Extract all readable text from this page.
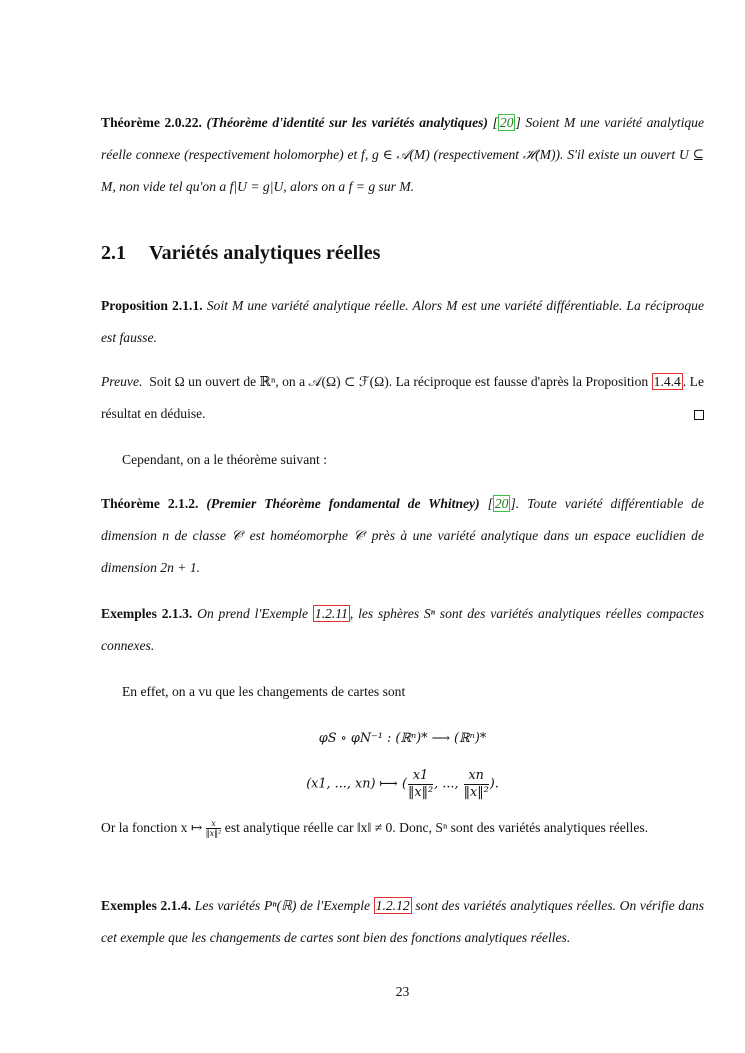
Théorème 2.0.22. (Théorème d'identité sur les variétés analytiques) [ 20 ] Soient M une variété analytique réelle connexe (respectivement holomorphe) et f, g ∈ 𝒜(M) (respectivement ℋ(M)). S'il existe un ouvert U ⊆ M, non vide tel qu'on a f|U = g|U, alors on a f = g sur M.

2.1 Variétés analytiques réelles

Proposition 2.1.1. Soit M une variété analytique réelle. Alors M est une variété différentiable. La réciproque est fausse.

Preuve. Soit Ω un ouvert de ℝⁿ, on a 𝒜(Ω) ⊂ ℱ(Ω). La réciproque est fausse d'après la Proposition 1.4.4 . Le résultat en déduise.

Cependant, on a le théorème suivant :

Théorème 2.1.2. (Premier Théorème fondamental de Whitney) [ 20 ]. Toute variété différentiable de dimension n de classe 𝒞ʳ est homéomorphe 𝒞ʳ près à une variété analytique dans un espace euclidien de dimension 2n + 1.

Exemples 2.1.3. On prend l'Exemple 1.2.11 , les sphères Sⁿ sont des variétés analytiques réelles compactes connexes.

En effet, on a vu que les changements de cartes sont

φS ∘ φN⁻¹ : (ℝⁿ)* ⟶ (ℝⁿ)*
(x1, ..., xn) ⟼ ( $\frac{x1}{\text{‖x‖²}}$ , ..., $\frac{xn}{\text{‖x‖²}}$ ).

Or la fonction x ↦ $\frac{x}{\text{‖x‖²}}$ est analytique réelle car ‖x‖ ≠ 0. Donc, Sⁿ sont des variétés analytiques réelles.

Exemples 2.1.4. Les variétés Pⁿ(ℝ) de l'Exemple 1.2.12 sont des variétés analytiques réelles. On vérifie dans cet exemple que les changements de cartes sont bien des fonctions analytiques réelles.

23
